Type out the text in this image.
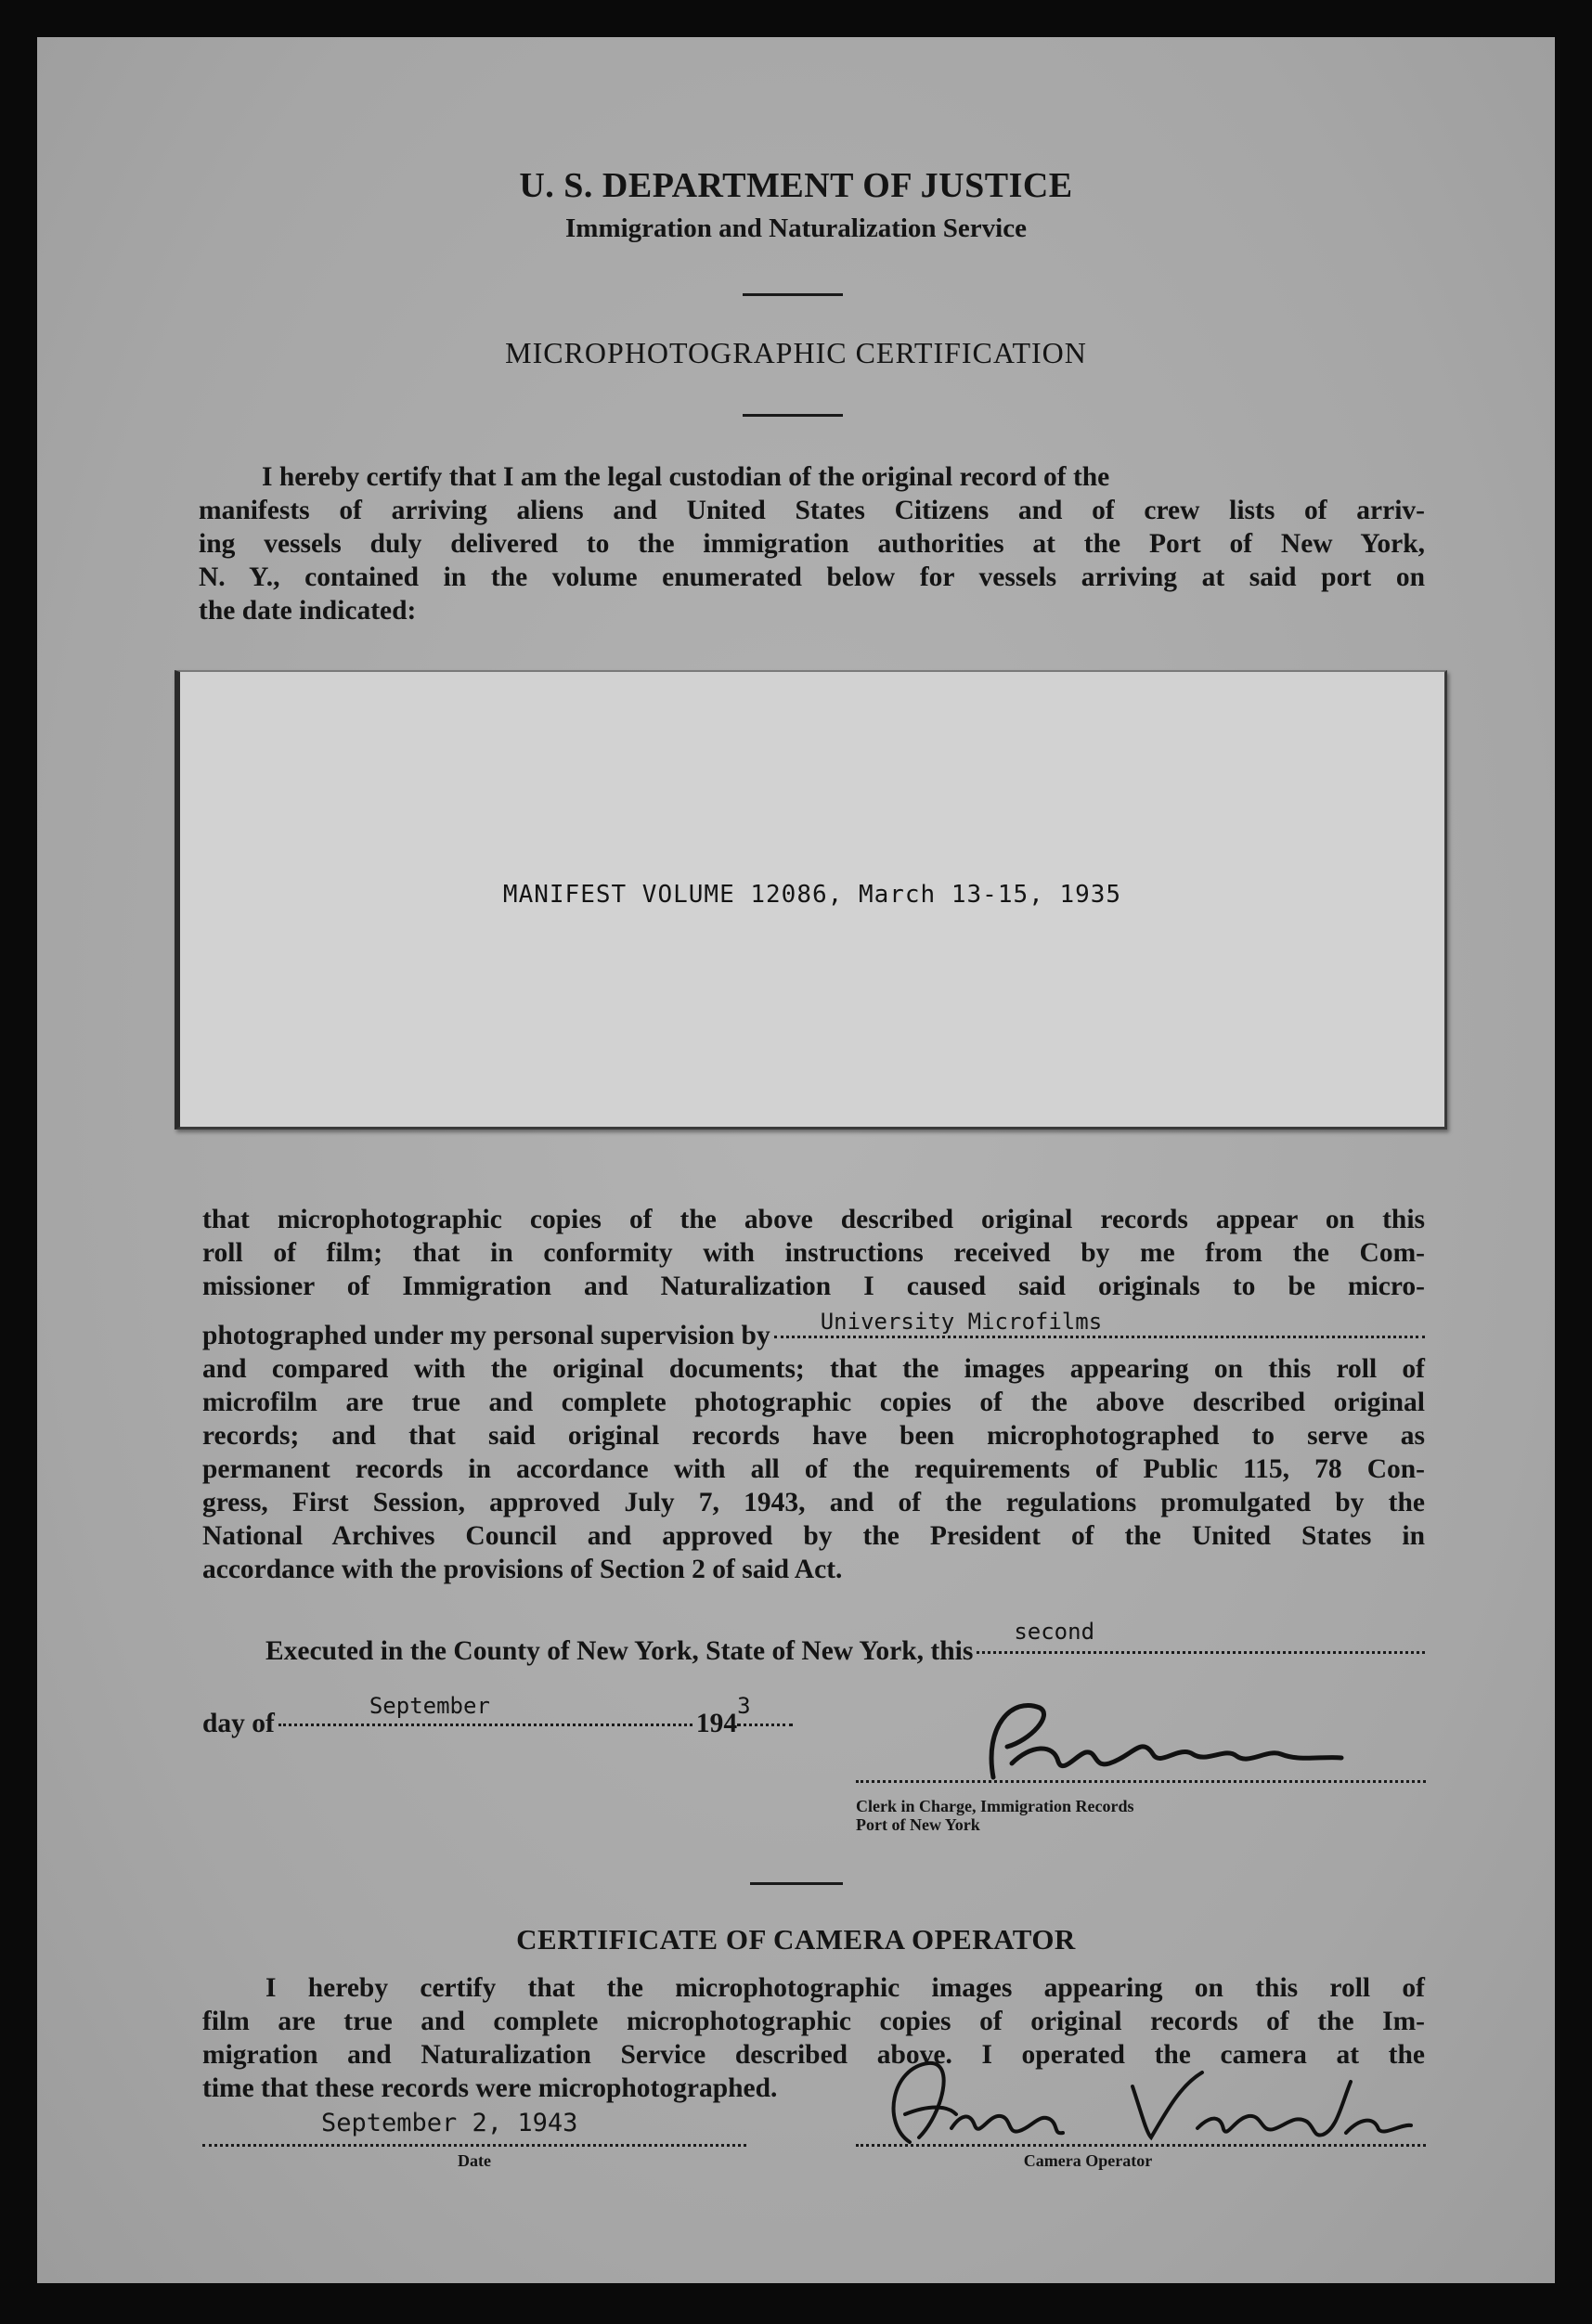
U. S. DEPARTMENT OF JUSTICE
Immigration and Naturalization Service
MICROPHOTOGRAPHIC CERTIFICATION
I hereby certify that I am the legal custodian of the original record of the
manifests of arriving aliens and United States Citizens and of crew lists of arriv-
ing vessels duly delivered to the immigration authorities at the Port of New York,
N. Y., contained in the volume enumerated below for vessels arriving at said port on
the date indicated:
MANIFEST VOLUME 12086, March 13-15, 1935
that microphotographic copies of the above described original records appear on this
roll of film; that in conformity with instructions received by me from the Com-
missioner of Immigration and Naturalization I caused said originals to be micro-
photographed under my personal supervision by University Microfilms
and compared with the original documents; that the images appearing on this roll of
microfilm are true and complete photographic copies of the above described original
records; and that said original records have been microphotographed to serve as
permanent records in accordance with all of the requirements of Public 115, 78 Con-
gress, First Session, approved July 7, 1943, and of the regulations promulgated by the
National Archives Council and approved by the President of the United States in
accordance with the provisions of Section 2 of said Act.
Executed in the County of New York, State of New York, this
second
day of
September
194
3
Clerk in Charge, Immigration Records
Port of New York
CERTIFICATE OF CAMERA OPERATOR
I hereby certify that the microphotographic images appearing on this roll of
film are true and complete microphotographic copies of original records of the Im-
migration and Naturalization Service described above. I operated the camera at the
time that these records were microphotographed.
September 2, 1943
Date	Camera Operator
